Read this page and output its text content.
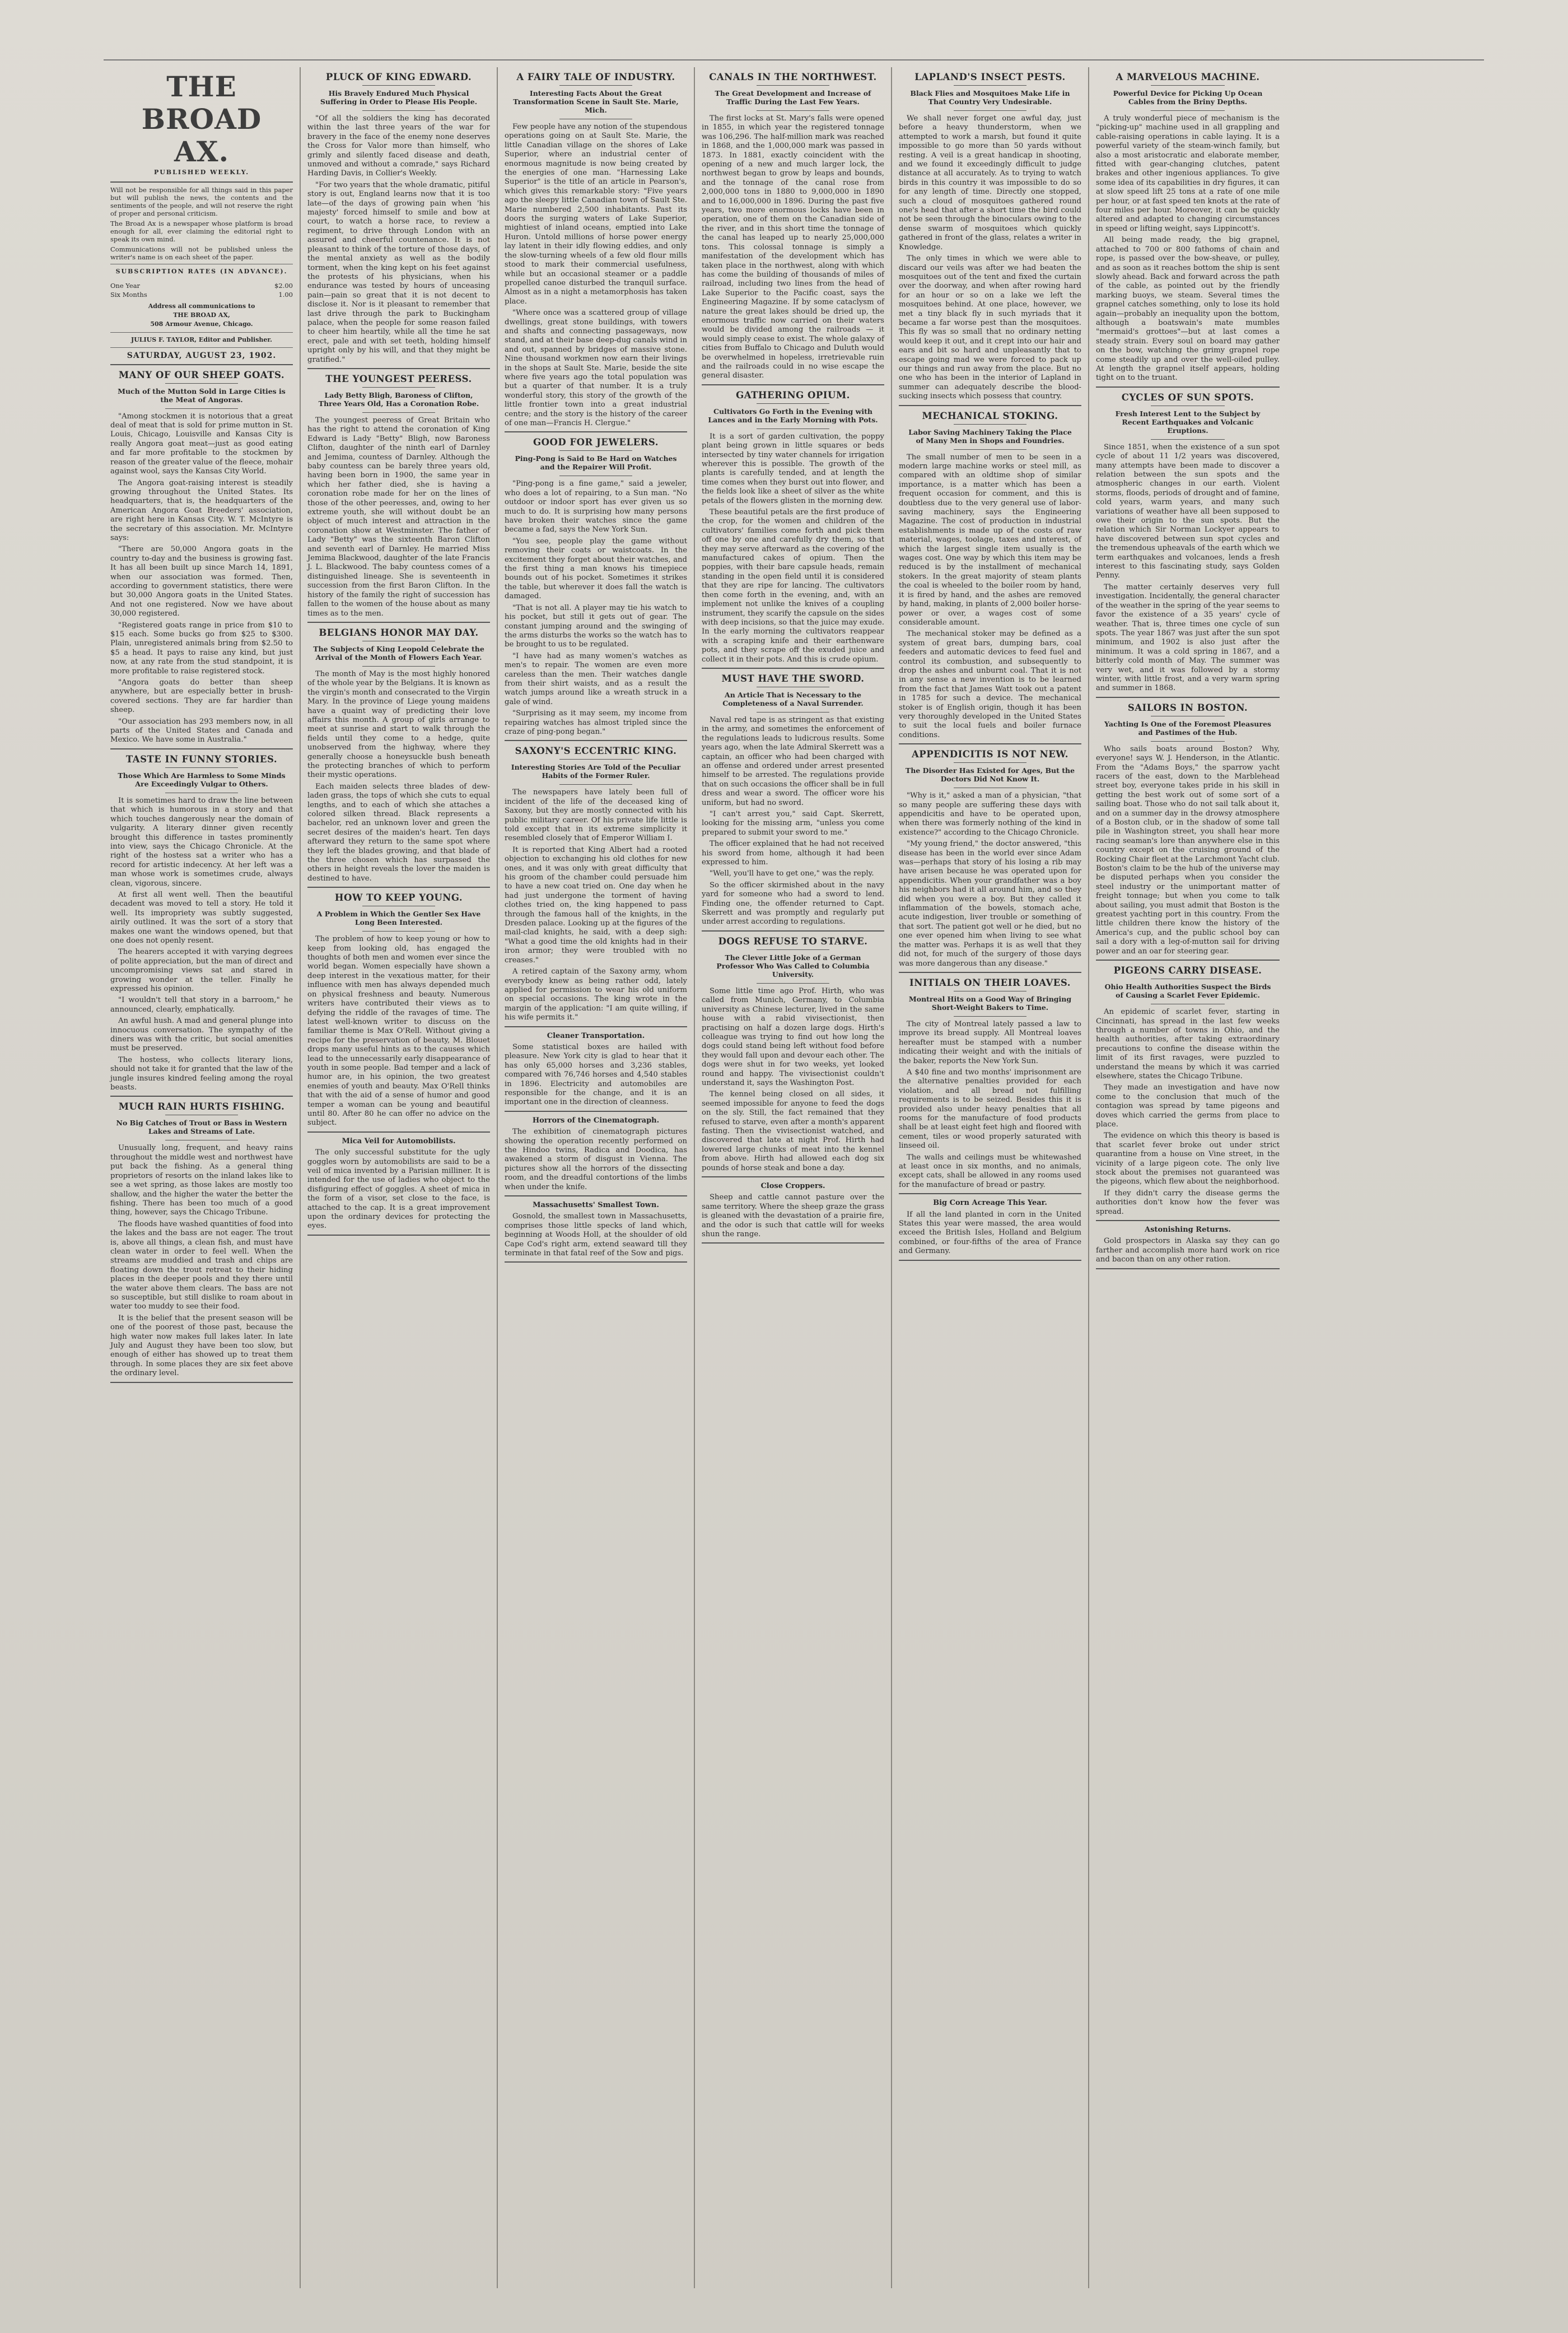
THE BROAD AX.
PUBLISHED WEEKLY.

Will not be responsible for all things said in this paper but will publish the news, the contents and the sentiments of the people, and will not reserve the right of proper and personal criticism.

The Broad Ax is a newspaper whose platform is broad enough for all, ever claiming the editorial right to speak its own mind.

Communications will not be published unless the writer's name is on each sheet of the paper.

SUBSCRIPTION RATES (IN ADVANCE).
One Year	$2.00
Six Months	1.00
Address all communications to
THE BROAD AX,
508 Armour Avenue, Chicago.
JULIUS F. TAYLOR, Editor and Publisher.
SATURDAY, AUGUST 23, 1902.
MANY OF OUR SHEEP GOATS.
Much of the Mutton Sold in Large Cities is the Meat of Angoras.

"Among stockmen it is notorious that a great deal of meat that is sold for prime mutton in St. Louis, Chicago, Louisville and Kansas City is really Angora goat meat—just as good eating and far more profitable to the stockmen by reason of the greater value of the fleece, mohair against wool, says the Kansas City World.

The Angora goat-raising interest is steadily growing throughout the United States. Its headquarters, that is, the headquarters of the American Angora Goat Breeders' association, are right here in Kansas City. W. T. McIntyre is the secretary of this association. Mr. McIntyre says:

"There are 50,000 Angora goats in the country to-day and the business is growing fast. It has all been built up since March 14, 1891, when our association was formed. Then, according to government statistics, there were but 30,000 Angora goats in the United States. And not one registered. Now we have about 30,000 registered.

"Registered goats range in price from $10 to $15 each. Some bucks go from $25 to $300. Plain, unregistered animals bring from $2.50 to $5 a head. It pays to raise any kind, but just now, at any rate from the stud standpoint, it is more profitable to raise registered stock.

"Angora goats do better than sheep anywhere, but are especially better in brush-covered sections. They are far hardier than sheep.

"Our association has 293 members now, in all parts of the United States and Canada and Mexico. We have some in Australia."

TASTE IN FUNNY STORIES.
Those Which Are Harmless to Some Minds Are Exceedingly Vulgar to Others.

It is sometimes hard to draw the line between that which is humorous in a story and that which touches dangerously near the domain of vulgarity. A literary dinner given recently brought this difference in tastes prominently into view, says the Chicago Chronicle. At the right of the hostess sat a writer who has a record for artistic indecency. At her left was a man whose work is sometimes crude, always clean, vigorous, sincere.

At first all went well. Then the beautiful decadent was moved to tell a story. He told it well. Its impropriety was subtly suggested, airily outlined. It was the sort of a story that makes one want the windows opened, but that one does not openly resent.

The hearers accepted it with varying degrees of polite appreciation, but the man of direct and uncompromising views sat and stared in growing wonder at the teller. Finally he expressed his opinion.

"I wouldn't tell that story in a barroom," he announced, clearly, emphatically.

An awful hush. A mad and general plunge into innocuous conversation. The sympathy of the diners was with the critic, but social amenities must be preserved.

The hostess, who collects literary lions, should not take it for granted that the law of the jungle insures kindred feeling among the royal beasts.

MUCH RAIN HURTS FISHING.
No Big Catches of Trout or Bass in Western Lakes and Streams of Late.

Unusually long, frequent, and heavy rains throughout the middle west and northwest have put back the fishing. As a general thing proprietors of resorts on the inland lakes like to see a wet spring, as those lakes are mostly too shallow, and the higher the water the better the fishing. There has been too much of a good thing, however, says the Chicago Tribune.

The floods have washed quantities of food into the lakes and the bass are not eager. The trout is, above all things, a clean fish, and must have clean water in order to feel well. When the streams are muddied and trash and chips are floating down the trout retreat to their hiding places in the deeper pools and they there until the water above them clears. The bass are not so susceptible, but still dislike to roam about in water too muddy to see their food.

It is the belief that the present season will be one of the poorest of those past, because the high water now makes full lakes later. In late July and August they have been too slow, but enough of either has showed up to treat them through. In some places they are six feet above the ordinary level.

PLUCK OF KING EDWARD.
His Bravely Endured Much Physical Suffering in Order to Please His People.

"Of all the soldiers the king has decorated within the last three years of the war for bravery in the face of the enemy none deserves the Cross for Valor more than himself, who grimly and silently faced disease and death, unmoved and without a comrade," says Richard Harding Davis, in Collier's Weekly.

"For two years that the whole dramatic, pitiful story is out, England learns now that it is too late—of the days of growing pain when 'his majesty' forced himself to smile and bow at court, to watch a horse race, to review a regiment, to drive through London with an assured and cheerful countenance. It is not pleasant to think of the torture of those days, of the mental anxiety as well as the bodily torment, when the king kept on his feet against the protests of his physicians, when his endurance was tested by hours of unceasing pain—pain so great that it is not decent to disclose it. Nor is it pleasant to remember that last drive through the park to Buckingham palace, when the people for some reason failed to cheer him heartily, while all the time he sat erect, pale and with set teeth, holding himself upright only by his will, and that they might be gratified."

THE YOUNGEST PEERESS.
Lady Betty Bligh, Baroness of Clifton, Three Years Old, Has a Coronation Robe.

The youngest peeress of Great Britain who has the right to attend the coronation of King Edward is Lady "Betty" Bligh, now Baroness Clifton, daughter of the ninth earl of Darnley and Jemima, countess of Darnley. Although the baby countess can be barely three years old, having been born in 1900, the same year in which her father died, she is having a coronation robe made for her on the lines of those of the other peeresses, and, owing to her extreme youth, she will without doubt be an object of much interest and attraction in the coronation show at Westminster. The father of Lady "Betty" was the sixteenth Baron Clifton and seventh earl of Darnley. He married Miss Jemima Blackwood, daughter of the late Francis J. L. Blackwood. The baby countess comes of a distinguished lineage. She is seventeenth in succession from the first Baron Clifton. In the history of the family the right of succession has fallen to the women of the house about as many times as to the men.

BELGIANS HONOR MAY DAY.
The Subjects of King Leopold Celebrate the Arrival of the Month of Flowers Each Year.

The month of May is the most highly honored of the whole year by the Belgians. It is known as the virgin's month and consecrated to the Virgin Mary. In the province of Liege young maidens have a quaint way of predicting their love affairs this month. A group of girls arrange to meet at sunrise and start to walk through the fields until they come to a hedge, quite unobserved from the highway, where they generally choose a honeysuckle bush beneath the protecting branches of which to perform their mystic operations.

Each maiden selects three blades of dew-laden grass, the tops of which she cuts to equal lengths, and to each of which she attaches a colored silken thread. Black represents a bachelor, red an unknown lover and green the secret desires of the maiden's heart. Ten days afterward they return to the same spot where they left the blades growing, and that blade of the three chosen which has surpassed the others in height reveals the lover the maiden is destined to have.

HOW TO KEEP YOUNG.
A Problem in Which the Gentler Sex Have Long Been Interested.

The problem of how to keep young or how to keep from looking old, has engaged the thoughts of both men and women ever since the world began. Women especially have shown a deep interest in the vexatious matter, for their influence with men has always depended much on physical freshness and beauty. Numerous writers have contributed their views as to defying the riddle of the ravages of time. The latest well-known writer to discuss on the familiar theme is Max O'Rell. Without giving a recipe for the preservation of beauty, M. Blouet drops many useful hints as to the causes which lead to the unnecessarily early disappearance of youth in some people. Bad temper and a lack of humor are, in his opinion, the two greatest enemies of youth and beauty. Max O'Rell thinks that with the aid of a sense of humor and good temper a woman can be young and beautiful until 80. After 80 he can offer no advice on the subject.

Mica Veil for Automobilists.

The only successful substitute for the ugly goggles worn by automobilists are said to be a veil of mica invented by a Parisian milliner. It is intended for the use of ladies who object to the disfiguring effect of goggles. A sheet of mica in the form of a visor, set close to the face, is attached to the cap. It is a great improvement upon the ordinary devices for protecting the eyes.

A FAIRY TALE OF INDUSTRY.
Interesting Facts About the Great Transformation Scene in Sault Ste. Marie, Mich.

Few people have any notion of the stupendous operations going on at Sault Ste. Marie, the little Canadian village on the shores of Lake Superior, where an industrial center of enormous magnitude is now being created by the energies of one man. "Harnessing Lake Superior" is the title of an article in Pearson's, which gives this remarkable story: "Five years ago the sleepy little Canadian town of Sault Ste. Marie numbered 2,500 inhabitants. Past its doors the surging waters of Lake Superior, mightiest of inland oceans, emptied into Lake Huron. Untold millions of horse power energy lay latent in their idly flowing eddies, and only the slow-turning wheels of a few old flour mills stood to mark their commercial usefulness, while but an occasional steamer or a paddle propelled canoe disturbed the tranquil surface. Almost as in a night a metamorphosis has taken place.

"Where once was a scattered group of village dwellings, great stone buildings, with towers and shafts and connecting passageways, now stand, and at their base deep-dug canals wind in and out, spanned by bridges of massive stone. Nine thousand workmen now earn their livings in the shops at Sault Ste. Marie, beside the site where five years ago the total population was but a quarter of that number. It is a truly wonderful story, this story of the growth of the little frontier town into a great industrial centre; and the story is the history of the career of one man—Francis H. Clergue."

GOOD FOR JEWELERS.
Ping-Pong is Said to Be Hard on Watches and the Repairer Will Profit.

"Ping-pong is a fine game," said a jeweler, who does a lot of repairing, to a Sun man. "No outdoor or indoor sport has ever given us so much to do. It is surprising how many persons have broken their watches since the game became a fad, says the New York Sun.

"You see, people play the game without removing their coats or waistcoats. In the excitement they forget about their watches, and the first thing a man knows his timepiece bounds out of his pocket. Sometimes it strikes the table, but wherever it does fall the watch is damaged.

"That is not all. A player may tie his watch to his pocket, but still it gets out of gear. The constant jumping around and the swinging of the arms disturbs the works so the watch has to be brought to us to be regulated.

"I have had as many women's watches as men's to repair. The women are even more careless than the men. Their watches dangle from their shirt waists, and as a result the watch jumps around like a wreath struck in a gale of wind.

"Surprising as it may seem, my income from repairing watches has almost tripled since the craze of ping-pong began."

SAXONY'S ECCENTRIC KING.
Interesting Stories Are Told of the Peculiar Habits of the Former Ruler.

The newspapers have lately been full of incident of the life of the deceased king of Saxony, but they are mostly connected with his public military career. Of his private life little is told except that in its extreme simplicity it resembled closely that of Emperor William I.

It is reported that King Albert had a rooted objection to exchanging his old clothes for new ones, and it was only with great difficulty that his groom of the chamber could persuade him to have a new coat tried on. One day when he had just undergone the torment of having clothes tried on, the king happened to pass through the famous hall of the knights, in the Dresden palace. Looking up at the figures of the mail-clad knights, he said, with a deep sigh: "What a good time the old knights had in their iron armor; they were troubled with no creases."

A retired captain of the Saxony army, whom everybody knew as being rather odd, lately applied for permission to wear his old uniform on special occasions. The king wrote in the margin of the application: "I am quite willing, if his wife permits it."

Cleaner Transportation.

Some statistical boxes are hailed with pleasure. New York city is glad to hear that it has only 65,000 horses and 3,236 stables, compared with 76,746 horses and 4,540 stables in 1896. Electricity and automobiles are responsible for the change, and it is an important one in the direction of cleanness.

Horrors of the Cinematograph.

The exhibition of cinematograph pictures showing the operation recently performed on the Hindoo twins, Radica and Doodica, has awakened a storm of disgust in Vienna. The pictures show all the horrors of the dissecting room, and the dreadful contortions of the limbs when under the knife.

Massachusetts' Smallest Town.

Gosnold, the smallest town in Massachusetts, comprises those little specks of land which, beginning at Woods Holl, at the shoulder of old Cape Cod's right arm, extend seaward till they terminate in that fatal reef of the Sow and pigs.

CANALS IN THE NORTHWEST.
The Great Development and Increase of Traffic During the Last Few Years.

The first locks at St. Mary's falls were opened in 1855, in which year the registered tonnage was 106,296. The half-million mark was reached in 1868, and the 1,000,000 mark was passed in 1873. In 1881, exactly coincident with the opening of a new and much larger lock, the northwest began to grow by leaps and bounds, and the tonnage of the canal rose from 2,000,000 tons in 1880 to 9,000,000 in 1890 and to 16,000,000 in 1896. During the past five years, two more enormous locks have been in operation, one of them on the Canadian side of the river, and in this short time the tonnage of the canal has leaped up to nearly 25,000,000 tons. This colossal tonnage is simply a manifestation of the development which has taken place in the northwest, along with which has come the building of thousands of miles of railroad, including two lines from the head of Lake Superior to the Pacific coast, says the Engineering Magazine. If by some cataclysm of nature the great lakes should be dried up, the enormous traffic now carried on their waters would be divided among the railroads — it would simply cease to exist. The whole galaxy of cities from Buffalo to Chicago and Duluth would be overwhelmed in hopeless, irretrievable ruin and the railroads could in no wise escape the general disaster.

GATHERING OPIUM.
Cultivators Go Forth in the Evening with Lances and in the Early Morning with Pots.

It is a sort of garden cultivation, the poppy plant being grown in little squares or beds intersected by tiny water channels for irrigation wherever this is possible. The growth of the plants is carefully tended, and at length the time comes when they burst out into flower, and the fields look like a sheet of silver as the white petals of the flowers glisten in the morning dew.

These beautiful petals are the first produce of the crop, for the women and children of the cultivators' families come forth and pick them off one by one and carefully dry them, so that they may serve afterward as the covering of the manufactured cakes of opium. Then the poppies, with their bare capsule heads, remain standing in the open field until it is considered that they are ripe for lancing. The cultivators then come forth in the evening, and, with an implement not unlike the knives of a coupling instrument, they scarify the capsule on the sides with deep incisions, so that the juice may exude. In the early morning the cultivators reappear with a scraping knife and their earthenware pots, and they scrape off the exuded juice and collect it in their pots. And this is crude opium.

MUST HAVE THE SWORD.
An Article That is Necessary to the Completeness of a Naval Surrender.

Naval red tape is as stringent as that existing in the army, and sometimes the enforcement of the regulations leads to ludicrous results. Some years ago, when the late Admiral Skerrett was a captain, an officer who had been charged with an offense and ordered under arrest presented himself to be arrested. The regulations provide that on such occasions the officer shall be in full dress and wear a sword. The officer wore his uniform, but had no sword.

"I can't arrest you," said Capt. Skerrett, looking for the missing arm, "unless you come prepared to submit your sword to me."

The officer explained that he had not received his sword from home, although it had been expressed to him.

"Well, you'll have to get one," was the reply.

So the officer skirmished about in the navy yard for someone who had a sword to lend. Finding one, the offender returned to Capt. Skerrett and was promptly and regularly put under arrest according to regulations.

DOGS REFUSE TO STARVE.
The Clever Little Joke of a German Professor Who Was Called to Columbia University.

Some little time ago Prof. Hirth, who was called from Munich, Germany, to Columbia university as Chinese lecturer, lived in the same house with a rabid vivisectionist, then practising on half a dozen large dogs. Hirth's colleague was trying to find out how long the dogs could stand being left without food before they would fall upon and devour each other. The dogs were shut in for two weeks, yet looked round and happy. The vivisectionist couldn't understand it, says the Washington Post.

The kennel being closed on all sides, it seemed impossible for anyone to feed the dogs on the sly. Still, the fact remained that they refused to starve, even after a month's apparent fasting. Then the vivisectionist watched, and discovered that late at night Prof. Hirth had lowered large chunks of meat into the kennel from above. Hirth had allowed each dog six pounds of horse steak and bone a day.

Close Croppers.

Sheep and cattle cannot pasture over the same territory. Where the sheep graze the grass is gleaned with the devastation of a prairie fire, and the odor is such that cattle will for weeks shun the range.

LAPLAND'S INSECT PESTS.
Black Flies and Mosquitoes Make Life in That Country Very Undesirable.

We shall never forget one awful day, just before a heavy thunderstorm, when we attempted to work a marsh, but found it quite impossible to go more than 50 yards without resting. A veil is a great handicap in shooting, and we found it exceedingly difficult to judge distance at all accurately. As to trying to watch birds in this country it was impossible to do so for any length of time. Directly one stopped, such a cloud of mosquitoes gathered round one's head that after a short time the bird could not be seen through the binoculars owing to the dense swarm of mosquitoes which quickly gathered in front of the glass, relates a writer in Knowledge.

The only times in which we were able to discard our veils was after we had beaten the mosquitoes out of the tent and fixed the curtain over the doorway, and when after rowing hard for an hour or so on a lake we left the mosquitoes behind. At one place, however, we met a tiny black fly in such myriads that it became a far worse pest than the mosquitoes. This fly was so small that no ordinary netting would keep it out, and it crept into our hair and ears and bit so hard and unpleasantly that to escape going mad we were forced to pack up our things and run away from the place. But no one who has been in the interior of Lapland in summer can adequately describe the blood-sucking insects which possess that country.

MECHANICAL STOKING.
Labor Saving Machinery Taking the Place of Many Men in Shops and Foundries.

The small number of men to be seen in a modern large machine works or steel mill, as compared with an oldtime shop of similar importance, is a matter which has been a frequent occasion for comment, and this is doubtless due to the very general use of labor-saving machinery, says the Engineering Magazine. The cost of production in industrial establishments is made up of the costs of raw material, wages, toolage, taxes and interest, of which the largest single item usually is the wages cost. One way by which this item may be reduced is by the installment of mechanical stokers. In the great majority of steam plants the coal is wheeled to the boiler room by hand, it is fired by hand, and the ashes are removed by hand, making, in plants of 2,000 boiler horse-power or over, a wages cost of some considerable amount.

The mechanical stoker may be defined as a system of great bars, dumping bars, coal feeders and automatic devices to feed fuel and control its combustion, and subsequently to drop the ashes and unburnt coal. That it is not in any sense a new invention is to be learned from the fact that James Watt took out a patent in 1785 for such a device. The mechanical stoker is of English origin, though it has been very thoroughly developed in the United States to suit the local fuels and boiler furnace conditions.

APPENDICITIS IS NOT NEW.
The Disorder Has Existed for Ages, But the Doctors Did Not Know It.

"Why is it," asked a man of a physician, "that so many people are suffering these days with appendicitis and have to be operated upon, when there was formerly nothing of the kind in existence?" according to the Chicago Chronicle.

"My young friend," the doctor answered, "this disease has been in the world ever since Adam was—perhaps that story of his losing a rib may have arisen because he was operated upon for appendicitis. When your grandfather was a boy his neighbors had it all around him, and so they did when you were a boy. But they called it inflammation of the bowels, stomach ache, acute indigestion, liver trouble or something of that sort. The patient got well or he died, but no one ever opened him when living to see what the matter was. Perhaps it is as well that they did not, for much of the surgery of those days was more dangerous than any disease."

INITIALS ON THEIR LOAVES.
Montreal Hits on a Good Way of Bringing Short-Weight Bakers to Time.

The city of Montreal lately passed a law to improve its bread supply. All Montreal loaves hereafter must be stamped with a number indicating their weight and with the initials of the baker, reports the New York Sun.

A $40 fine and two months' imprisonment are the alternative penalties provided for each violation, and all bread not fulfilling requirements is to be seized. Besides this it is provided also under heavy penalties that all rooms for the manufacture of food products shall be at least eight feet high and floored with cement, tiles or wood properly saturated with linseed oil.

The walls and ceilings must be whitewashed at least once in six months, and no animals, except cats, shall be allowed in any rooms used for the manufacture of bread or pastry.

Big Corn Acreage This Year.

If all the land planted in corn in the United States this year were massed, the area would exceed the British Isles, Holland and Belgium combined, or four-fifths of the area of France and Germany.

A MARVELOUS MACHINE.
Powerful Device for Picking Up Ocean Cables from the Briny Depths.

A truly wonderful piece of mechanism is the "picking-up" machine used in all grappling and cable-raising operations in cable laying. It is a powerful variety of the steam-winch family, but also a most aristocratic and elaborate member, fitted with gear-changing clutches, patent brakes and other ingenious appliances. To give some idea of its capabilities in dry figures, it can at slow speed lift 25 tons at a rate of one mile per hour, or at fast speed ten knots at the rate of four miles per hour. Moreover, it can be quickly altered and adapted to changing circumstances in speed or lifting weight, says Lippincott's.

All being made ready, the big grapnel, attached to 700 or 800 fathoms of chain and rope, is passed over the bow-sheave, or pulley, and as soon as it reaches bottom the ship is sent slowly ahead. Back and forward across the path of the cable, as pointed out by the friendly marking buoys, we steam. Several times the grapnel catches something, only to lose its hold again—probably an inequality upon the bottom, although a boatswain's mate mumbles "mermaid's grottoes"—but at last comes a steady strain. Every soul on board may gather on the bow, watching the grimy grapnel rope come steadily up and over the well-oiled pulley. At length the grapnel itself appears, holding tight on to the truant.

CYCLES OF SUN SPOTS.
Fresh Interest Lent to the Subject by Recent Earthquakes and Volcanic Eruptions.

Since 1851, when the existence of a sun spot cycle of about 11 1/2 years was discovered, many attempts have been made to discover a relation between the sun spots and the atmospheric changes in our earth. Violent storms, floods, periods of drought and of famine, cold years, warm years, and many such variations of weather have all been supposed to owe their origin to the sun spots. But the relation which Sir Norman Lockyer appears to have discovered between sun spot cycles and the tremendous upheavals of the earth which we term earthquakes and volcanoes, lends a fresh interest to this fascinating study, says Golden Penny.

The matter certainly deserves very full investigation. Incidentally, the general character of the weather in the spring of the year seems to favor the existence of a 35 years' cycle of weather. That is, three times one cycle of sun spots. The year 1867 was just after the sun spot minimum, and 1902 is also just after the minimum. It was a cold spring in 1867, and a bitterly cold month of May. The summer was very wet, and it was followed by a stormy winter, with little frost, and a very warm spring and summer in 1868.

SAILORS IN BOSTON.
Yachting Is One of the Foremost Pleasures and Pastimes of the Hub.

Who sails boats around Boston? Why, everyone! says W. J. Henderson, in the Atlantic. From the "Adams Boys," the sparrow yacht racers of the east, down to the Marblehead street boy, everyone takes pride in his skill in getting the best work out of some sort of a sailing boat. Those who do not sail talk about it, and on a summer day in the drowsy atmosphere of a Boston club, or in the shadow of some tall pile in Washington street, you shall hear more racing seaman's lore than anywhere else in this country except on the cruising ground of the Rocking Chair fleet at the Larchmont Yacht club. Boston's claim to be the hub of the universe may be disputed perhaps when you consider the steel industry or the unimportant matter of freight tonnage; but when you come to talk about sailing, you must admit that Boston is the greatest yachting port in this country. From the little children there know the history of the America's cup, and the public school boy can sail a dory with a leg-of-mutton sail for driving power and an oar for steering gear.

PIGEONS CARRY DISEASE.
Ohio Health Authorities Suspect the Birds of Causing a Scarlet Fever Epidemic.

An epidemic of scarlet fever, starting in Cincinnati, has spread in the last few weeks through a number of towns in Ohio, and the health authorities, after taking extraordinary precautions to confine the disease within the limit of its first ravages, were puzzled to understand the means by which it was carried elsewhere, states the Chicago Tribune.

They made an investigation and have now come to the conclusion that much of the contagion was spread by tame pigeons and doves which carried the germs from place to place.

The evidence on which this theory is based is that scarlet fever broke out under strict quarantine from a house on Vine street, in the vicinity of a large pigeon cote. The only live stock about the premises not guaranteed was the pigeons, which flew about the neighborhood.

If they didn't carry the disease germs the authorities don't know how the fever was spread.

Astonishing Returns.

Gold prospectors in Alaska say they can go farther and accomplish more hard work on rice and bacon than on any other ration.
